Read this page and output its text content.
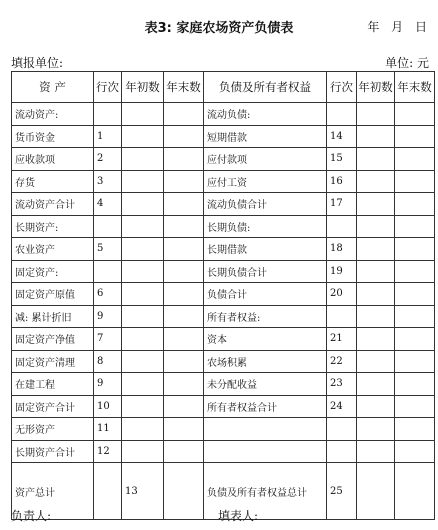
表3: 家庭农场资产负债表	年 月 日
填报单位:	单位: 元
资 产	行次	年初数	年末数	负债及所有者权益	行次	年初数	年末数
流动资产:				流动负债:			
货币资金	1			短期借款	14		
应收款项	2			应付款项	15		
存货	3			应付工资	16		
流动资产合计	4			流动负债合计	17		
长期资产:				长期负债:			
农业资产	5			长期借款	18		
固定资产:				长期负债合计	19		
固定资产原值	6			负债合计	20		
减: 累计折旧	9			所有者权益:			
固定资产净值	7			资本	21		
固定资产清理	8			农场积累	22		
在建工程	9			未分配收益	23		
固定资产合计	10			所有者权益合计	24		
无形资产	11						
长期资产合计	12						
资产总计		13		负债及所有者权益总计	25		
负责人:	填表人:
